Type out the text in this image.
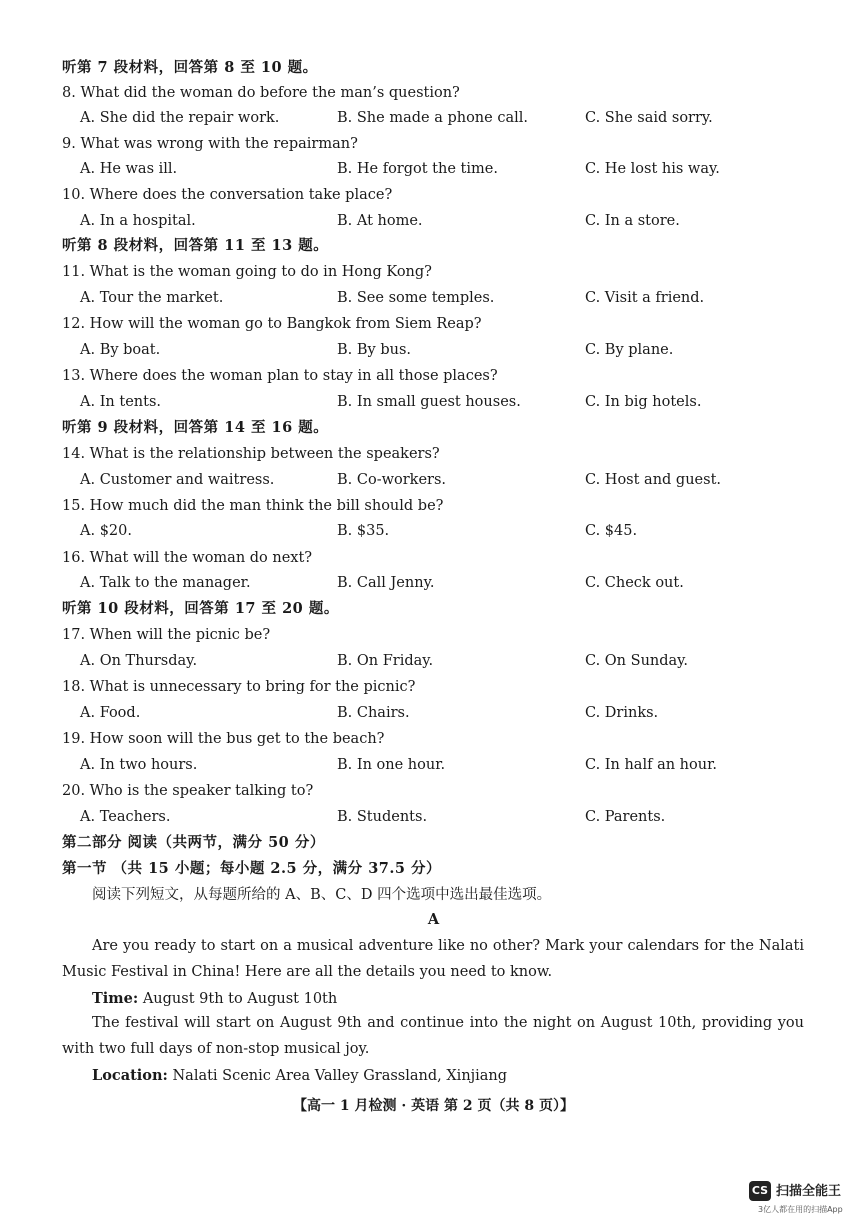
听第 7 段材料，回答第 8 至 10 题。
8. What did the woman do before the man’s question?
A. She did the repair work.	B. She made a phone call.	C. She said sorry.
9. What was wrong with the repairman?
A. He was ill.	B. He forgot the time.	C. He lost his way.
10. Where does the conversation take place?
A. In a hospital.	B. At home.	C. In a store.
听第 8 段材料，回答第 11 至 13 题。
11. What is the woman going to do in Hong Kong?
A. Tour the market.	B. See some temples.	C. Visit a friend.
12. How will the woman go to Bangkok from Siem Reap?
A. By boat.	B. By bus.	C. By plane.
13. Where does the woman plan to stay in all those places?
A. In tents.	B. In small guest houses.	C. In big hotels.
听第 9 段材料，回答第 14 至 16 题。
14. What is the relationship between the speakers?
A. Customer and waitress.	B. Co-workers.	C. Host and guest.
15. How much did the man think the bill should be?
A. $20.	B. $35.	C. $45.
16. What will the woman do next?
A. Talk to the manager.	B. Call Jenny.	C. Check out.
听第 10 段材料，回答第 17 至 20 题。
17. When will the picnic be?
A. On Thursday.	B. On Friday.	C. On Sunday.
18. What is unnecessary to bring for the picnic?
A. Food.	B. Chairs.	C. Drinks.
19. How soon will the bus get to the beach?
A. In two hours.	B. In one hour.	C. In half an hour.
20. Who is the speaker talking to?
A. Teachers.	B. Students.	C. Parents.
第二部分 阅读（共两节，满分 50 分）
第一节 （共 15 小题；每小题 2.5 分，满分 37.5 分）
阅读下列短文，从每题所给的 A、B、C、D 四个选项中选出最佳选项。
A
Are you ready to start on a musical adventure like no other? Mark your calendars for the Nalati Music Festival in China! Here are all the details you need to know.
Time: August 9th to August 10th
The festival will start on August 9th and continue into the night on August 10th, providing you with two full days of non-stop musical joy.
Location: Nalati Scenic Area Valley Grassland, Xinjiang
【高一 1 月检测 · 英语 第 2 页（共 8 页）】
CS 扫描全能王
3亿人都在用的扫描App
